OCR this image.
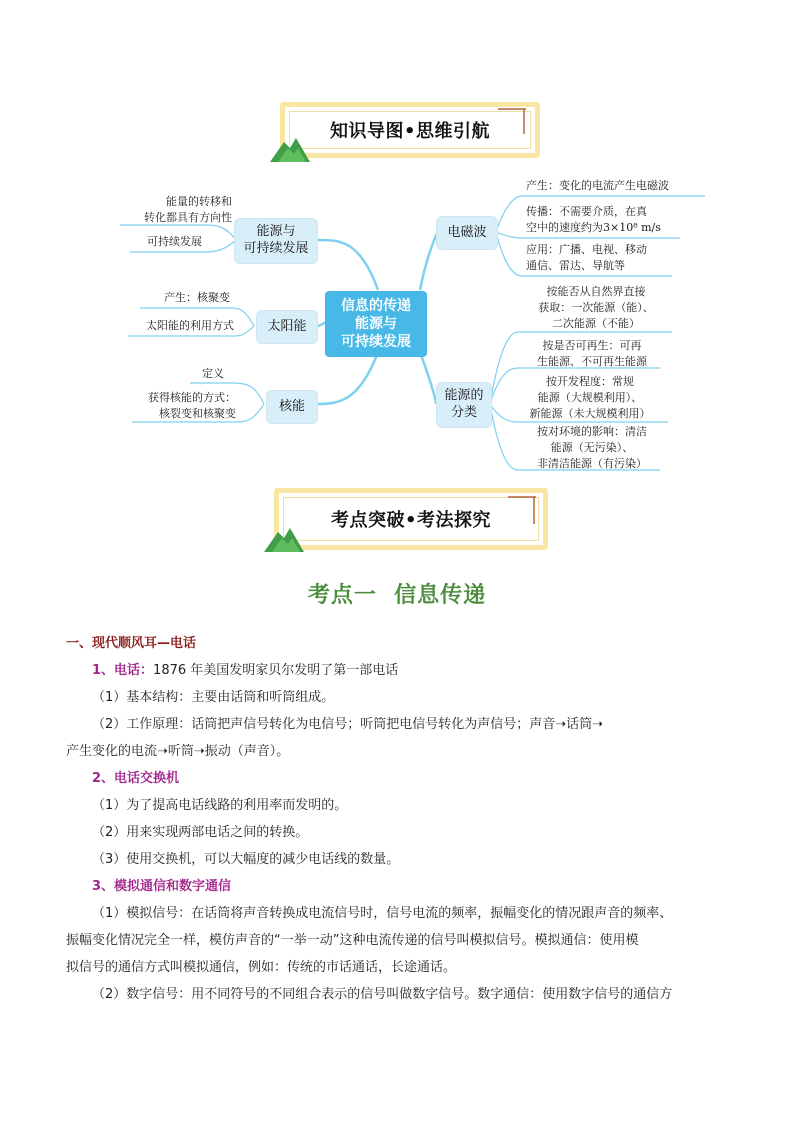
知识导图•思维引航
信息的传递
能源与
可持续发展
能源与
可持续发展
能量的转移和
转化都具有方向性
可持续发展
太阳能
产生：核聚变
太阳能的利用方式
核能
定义
获得核能的方式：
核裂变和核聚变
电磁波
产生：变化的电流产生电磁波
传播：不需要介质，在真
空中的速度约为3×10⁸ m/s
应用：广播、电视、移动
通信、雷达、导航等
能源的
分类
按能否从自然界直接
获取：一次能源（能）、
二次能源（不能）
按是否可再生：可再
生能源、不可再生能源
按开发程度：常规
能源（大规模利用）、
新能源（未大规模利用）
按对环境的影响：清洁
能源（无污染）、
非清洁能源（有污染）
考点突破•考法探究
考点一  信息传递
一、现代顺风耳—电话
1、电话：1876 年美国发明家贝尔发明了第一部电话
（1）基本结构：主要由话筒和听筒组成。
（2）工作原理：话筒把声信号转化为电信号；听筒把电信号转化为声信号；声音➝话筒➝
产生变化的电流➝听筒➝振动（声音）。
2、电话交换机
（1）为了提高电话线路的利用率而发明的。
（2）用来实现两部电话之间的转换。
（3）使用交换机，可以大幅度的减少电话线的数量。
3、模拟通信和数字通信
（1）模拟信号：在话筒将声音转换成电流信号时，信号电流的频率，振幅变化的情况跟声音的频率、
振幅变化情况完全一样，模仿声音的“一举一动”这种电流传递的信号叫模拟信号。模拟通信：使用模
拟信号的通信方式叫模拟通信，例如：传统的市话通话，长途通话。
（2）数字信号：用不同符号的不同组合表示的信号叫做数字信号。数字通信：使用数字信号的通信方
